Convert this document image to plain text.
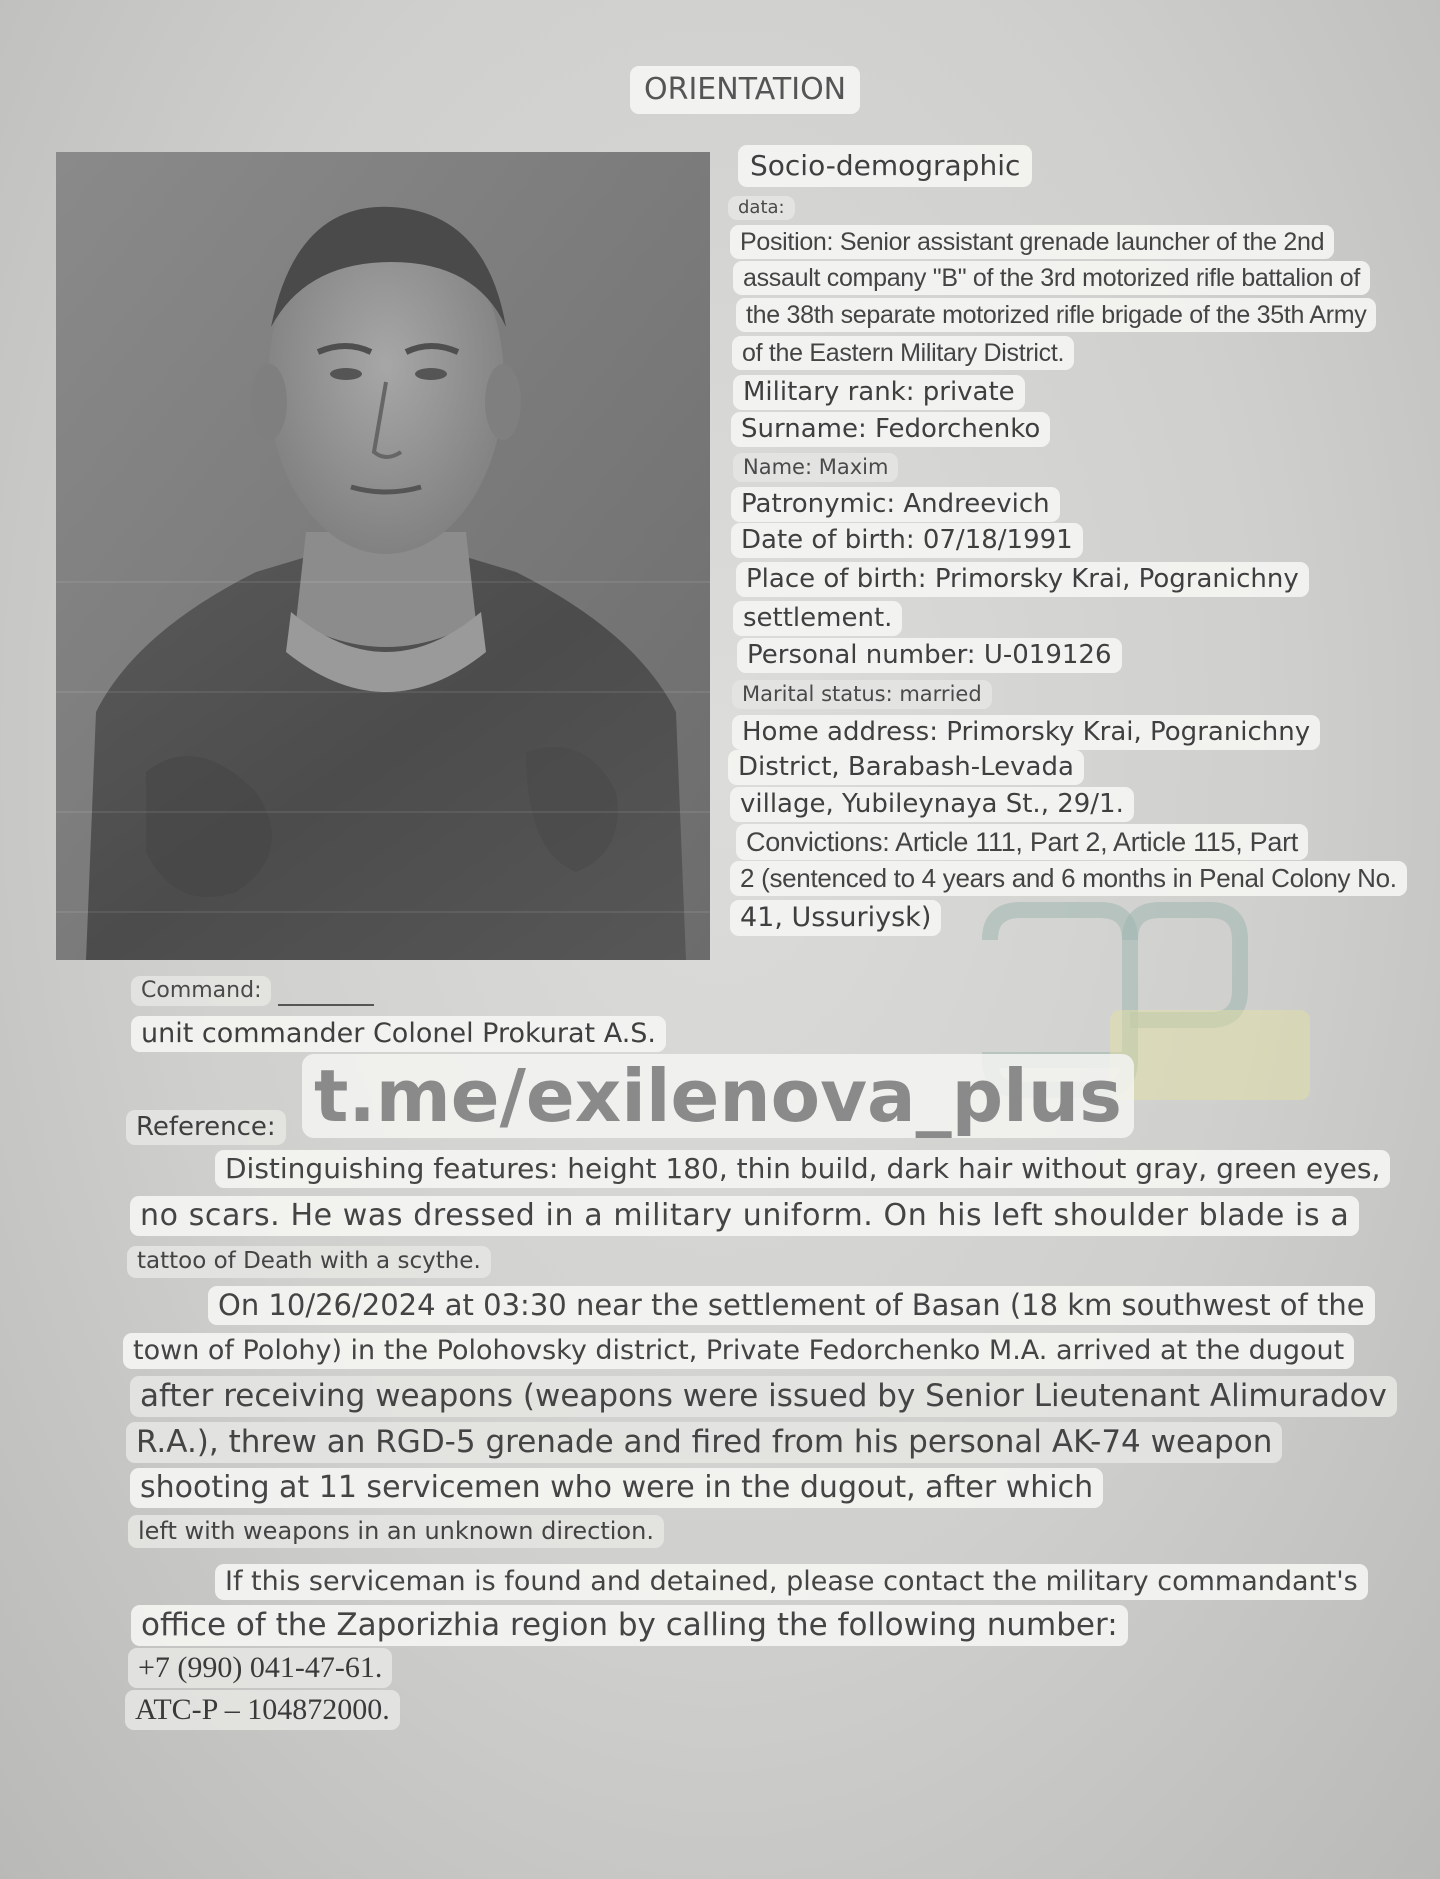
ORIENTATION
Socio-demographic
data:
Position: Senior assistant grenade launcher of the 2nd
assault company "B" of the 3rd motorized rifle battalion of
the 38th separate motorized rifle brigade of the 35th Army
of the Eastern Military District.
Military rank: private
Surname: Fedorchenko
Name: Maxim
Patronymic: Andreevich
Date of birth: 07/18/1991
Place of birth: Primorsky Krai, Pogranichny
settlement.
Personal number: U-019126
Marital status: married
Home address: Primorsky Krai, Pogranichny
District, Barabash-Levada
village, Yubileynaya St., 29/1.
Convictions: Article 111, Part 2, Article 115, Part
2 (sentenced to 4 years and 6 months in Penal Colony No.
41, Ussuriysk)
Command:
unit commander Colonel Prokurat A.S.
t.me/exilenova_plus
Reference:
Distinguishing features: height 180, thin build, dark hair without gray, green eyes,
no scars. He was dressed in a military uniform. On his left shoulder blade is a
tattoo of Death with a scythe.
On 10/26/2024 at 03:30 near the settlement of Basan (18 km southwest of the
town of Polohy) in the Polohovsky district, Private Fedorchenko M.A. arrived at the dugout
after receiving weapons (weapons were issued by Senior Lieutenant Alimuradov
R.A.), threw an RGD-5 grenade and fired from his personal AK-74 weapon
shooting at 11 servicemen who were in the dugout, after which
left with weapons in an unknown direction.
If this serviceman is found and detained, please contact the military commandant's
office of the Zaporizhia region by calling the following number:
+7 (990) 041-47-61.
ATC-P – 104872000.
